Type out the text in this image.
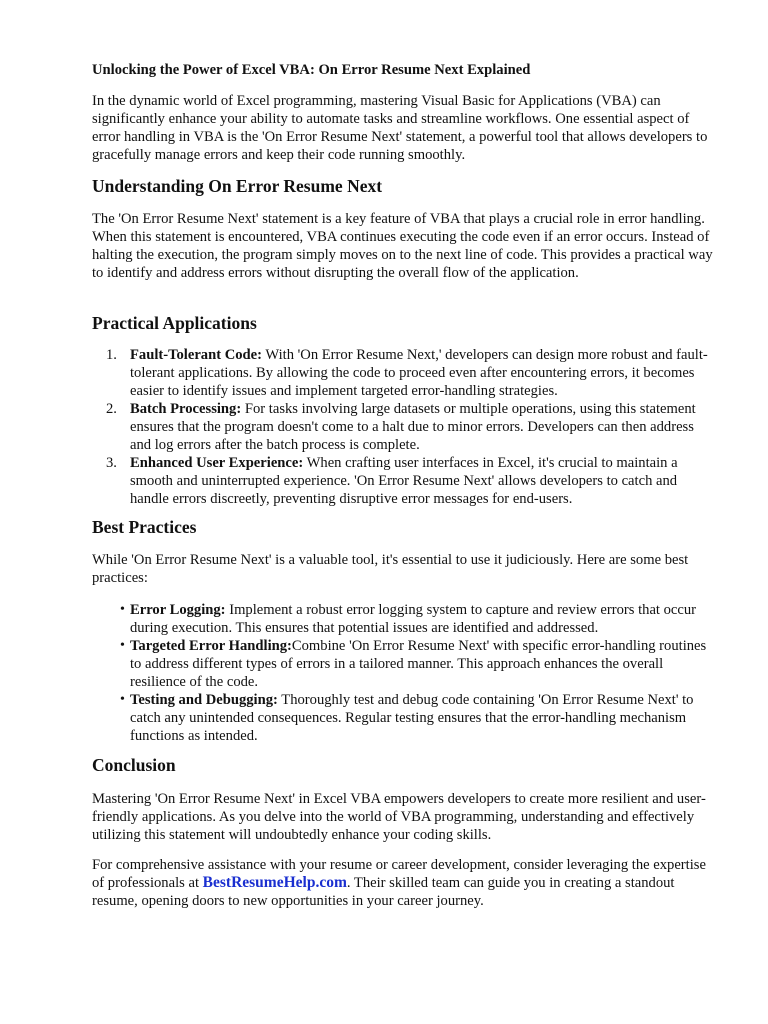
Unlocking the Power of Excel VBA: On Error Resume Next Explained

In the dynamic world of Excel programming, mastering Visual Basic for Applications (VBA) can significantly enhance your ability to automate tasks and streamline workflows. One essential aspect of error handling in VBA is the 'On Error Resume Next' statement, a powerful tool that allows developers to gracefully manage errors and keep their code running smoothly.

Understanding On Error Resume Next

The 'On Error Resume Next' statement is a key feature of VBA that plays a crucial role in error handling. When this statement is encountered, VBA continues executing the code even if an error occurs. Instead of halting the execution, the program simply moves on to the next line of code. This provides a practical way to identify and address errors without disrupting the overall flow of the application.

Practical Applications
1. Fault-Tolerant Code: With 'On Error Resume Next,' developers can design more robust and fault-tolerant applications. By allowing the code to proceed even after encountering errors, it becomes easier to identify issues and implement targeted error-handling strategies.
2. Batch Processing: For tasks involving large datasets or multiple operations, using this statement ensures that the program doesn't come to a halt due to minor errors. Developers can then address and log errors after the batch process is complete.
3. Enhanced User Experience: When crafting user interfaces in Excel, it's crucial to maintain a smooth and uninterrupted experience. 'On Error Resume Next' allows developers to catch and handle errors discreetly, preventing disruptive error messages for end-users.
Best Practices

While 'On Error Resume Next' is a valuable tool, it's essential to use it judiciously. Here are some best practices:

• Error Logging: Implement a robust error logging system to capture and review errors that occur during execution. This ensures that potential issues are identified and addressed.
• Targeted Error Handling:Combine 'On Error Resume Next' with specific error-handling routines to address different types of errors in a tailored manner. This approach enhances the overall resilience of the code.
• Testing and Debugging: Thoroughly test and debug code containing 'On Error Resume Next' to catch any unintended consequences. Regular testing ensures that the error-handling mechanism functions as intended.
Conclusion

Mastering 'On Error Resume Next' in Excel VBA empowers developers to create more resilient and user-friendly applications. As you delve into the world of VBA programming, understanding and effectively utilizing this statement will undoubtedly enhance your coding skills.

For comprehensive assistance with your resume or career development, consider leveraging the expertise of professionals at BestResumeHelp.com. Their skilled team can guide you in creating a standout resume, opening doors to new opportunities in your career journey.
